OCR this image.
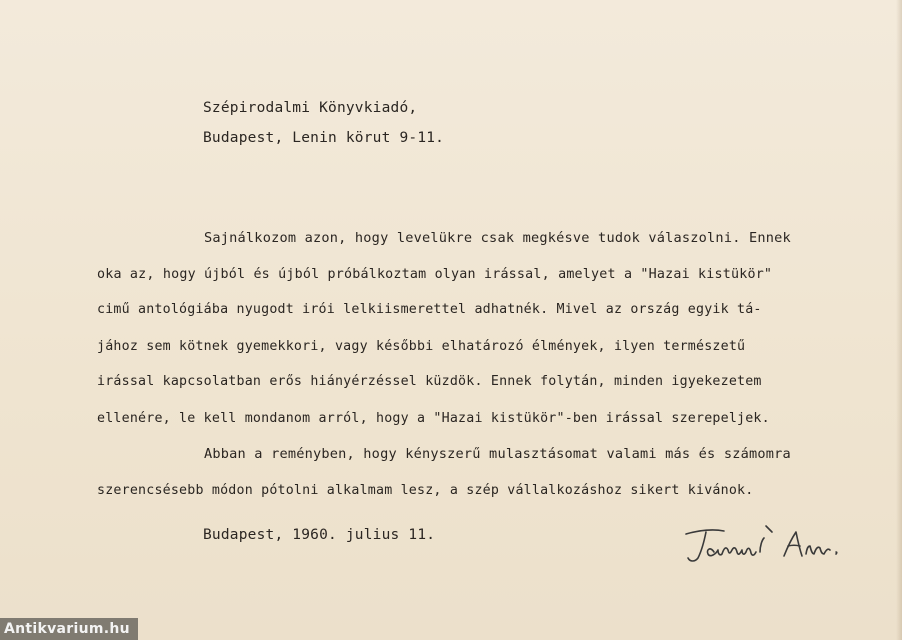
Szépirodalmi Könyvkiadó,
Budapest, Lenin körut 9-11.
Sajnálkozom azon, hogy levelükre csak megkésve tudok válaszolni. Ennek
oka az, hogy újból és újból próbálkoztam olyan irással, amelyet a "Hazai kistükör"
cimű antológiába nyugodt irói lelkiismerettel adhatnék. Mivel az ország egyik tá-
jához sem kötnek gyemekkori, vagy későbbi elhatározó élmények, ilyen természetű
irással kapcsolatban erős hiányérzéssel küzdök. Ennek folytán, minden igyekezetem
ellenére, le kell mondanom arról, hogy a "Hazai kistükör"-ben irással szerepeljek.
Abban a reményben, hogy kényszerű mulasztásomat valami más és számomra
szerencsésebb módon pótolni alkalmam lesz, a szép vállalkozáshoz sikert kivánok.
Budapest, 1960. julius 11.
Antikvarium.hu
